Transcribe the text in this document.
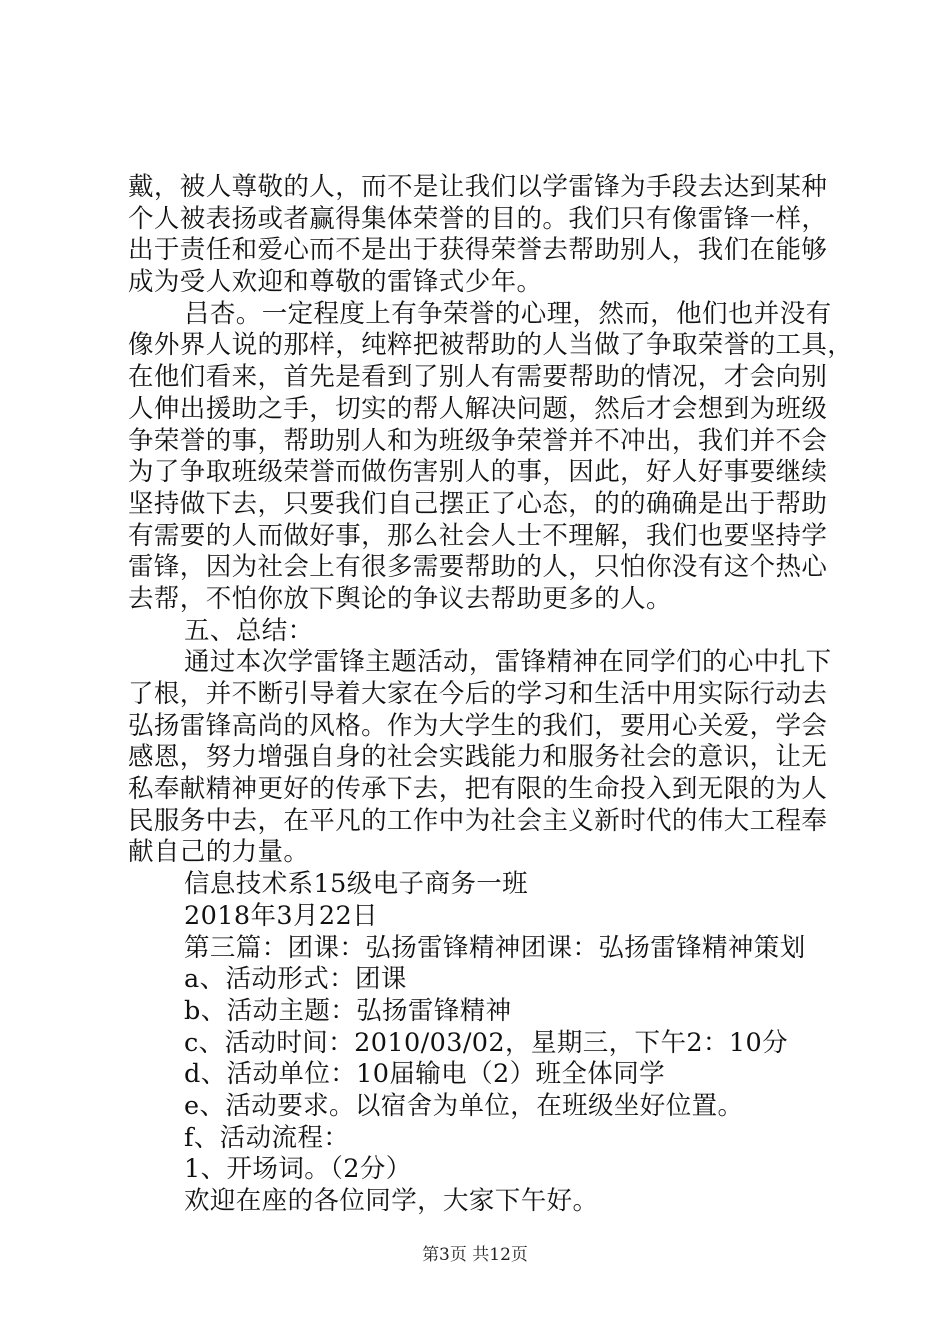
戴，被人尊敬的人，而不是让我们以学雷锋为手段去达到某种
个人被表扬或者赢得集体荣誉的目的。我们只有像雷锋一样，
出于责任和爱心而不是出于获得荣誉去帮助别人，我们在能够
成为受人欢迎和尊敬的雷锋式少年。
吕杏。一定程度上有争荣誉的心理，然而，他们也并没有
像外界人说的那样，纯粹把被帮助的人当做了争取荣誉的工具，
在他们看来，首先是看到了别人有需要帮助的情况，才会向别
人伸出援助之手，切实的帮人解决问题，然后才会想到为班级
争荣誉的事，帮助别人和为班级争荣誉并不冲出，我们并不会
为了争取班级荣誉而做伤害别人的事，因此，好人好事要继续
坚持做下去，只要我们自己摆正了心态，的的确确是出于帮助
有需要的人而做好事，那么社会人士不理解，我们也要坚持学
雷锋，因为社会上有很多需要帮助的人，只怕你没有这个热心
去帮，不怕你放下舆论的争议去帮助更多的人。
五、总结：
通过本次学雷锋主题活动，雷锋精神在同学们的心中扎下
了根，并不断引导着大家在今后的学习和生活中用实际行动去
弘扬雷锋高尚的风格。作为大学生的我们，要用心关爱，学会
感恩，努力增强自身的社会实践能力和服务社会的意识，让无
私奉献精神更好的传承下去，把有限的生命投入到无限的为人
民服务中去，在平凡的工作中为社会主义新时代的伟大工程奉
献自己的力量。
信息技术系15级电子商务一班
2018年3月22日
第三篇：团课：弘扬雷锋精神团课：弘扬雷锋精神策划
a、活动形式：团课
b、活动主题：弘扬雷锋精神
c、活动时间：2010/03/02，星期三，下午2：10分
d、活动单位：10届输电（2）班全体同学
e、活动要求。以宿舍为单位，在班级坐好位置。
f、活动流程：
1、开场词。（2分）
欢迎在座的各位同学，大家下午好。
第3页 共12页
